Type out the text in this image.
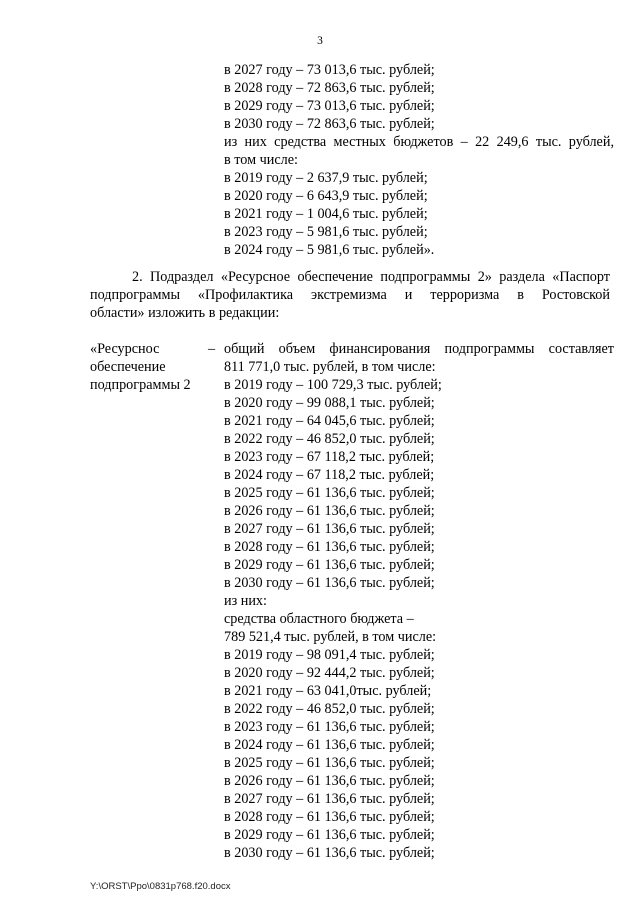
3
в 2027 году – 73 013,6 тыс. рублей;
в 2028 году – 72 863,6 тыс. рублей;
в 2029 году – 73 013,6 тыс. рублей;
в 2030 году – 72 863,6 тыс. рублей;
из них средства местных бюджетов – 22 249,6 тыс. рублей,
в том числе:
в 2019 году – 2 637,9 тыс. рублей;
в 2020 году – 6 643,9 тыс. рублей;
в 2021 году – 1 004,6 тыс. рублей;
в 2023 году – 5 981,6 тыс. рублей;
в 2024 году – 5 981,6 тыс. рублей».
2. Подраздел «Ресурсное обеспечение подпрограммы 2» раздела «Паспорт
подпрограммы «Профилактика экстремизма и терроризма в Ростовской
области» изложить в редакции:
«Ресурснос
обеспечение
подпрограммы 2
– общий объем финансирования подпрограммы составляет
811 771,0 тыс. рублей, в том числе:
в 2019 году – 100 729,3 тыс. рублей;
в 2020 году – 99 088,1 тыс. рублей;
в 2021 году – 64 045,6 тыс. рублей;
в 2022 году – 46 852,0 тыс. рублей;
в 2023 году – 67 118,2 тыс. рублей;
в 2024 году – 67 118,2 тыс. рублей;
в 2025 году – 61 136,6 тыс. рублей;
в 2026 году – 61 136,6 тыс. рублей;
в 2027 году – 61 136,6 тыс. рублей;
в 2028 году – 61 136,6 тыс. рублей;
в 2029 году – 61 136,6 тыс. рублей;
в 2030 году – 61 136,6 тыс. рублей;
из них:
средства областного бюджета –
789 521,4 тыс. рублей, в том числе:
в 2019 году – 98 091,4 тыс. рублей;
в 2020 году – 92 444,2 тыс. рублей;
в 2021 году – 63 041,0тыс. рублей;
в 2022 году – 46 852,0 тыс. рублей;
в 2023 году – 61 136,6 тыс. рублей;
в 2024 году – 61 136,6 тыс. рублей;
в 2025 году – 61 136,6 тыс. рублей;
в 2026 году – 61 136,6 тыс. рублей;
в 2027 году – 61 136,6 тыс. рублей;
в 2028 году – 61 136,6 тыс. рублей;
в 2029 году – 61 136,6 тыс. рублей;
в 2030 году – 61 136,6 тыс. рублей;
Y:\ORST\Ppo\0831p768.f20.docx
